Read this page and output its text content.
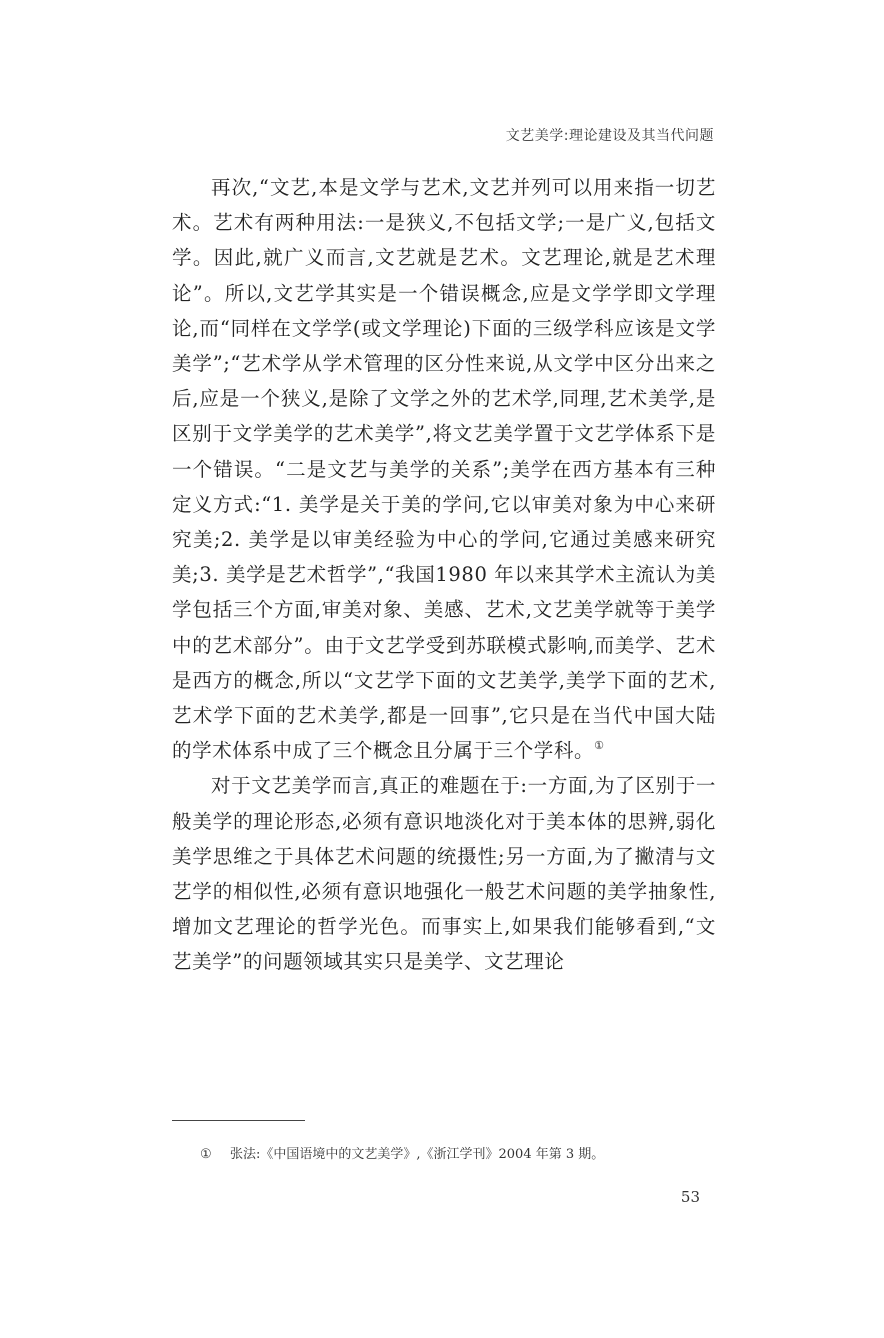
文艺美学:理论建设及其当代问题

再次,“文艺,本是文学与艺术,文艺并列可以用来指一切艺术。艺术有两种用法:一是狭义,不包括文学;一是广义,包括文学。因此,就广义而言,文艺就是艺术。文艺理论,就是艺术理论”。所以,文艺学其实是一个错误概念,应是文学学即文学理论,而“同样在文学学(或文学理论)下面的三级学科应该是文学美学”;“艺术学从学术管理的区分性来说,从文学中区分出来之后,应是一个狭义,是除了文学之外的艺术学,同理,艺术美学,是区别于文学美学的艺术美学”,将文艺美学置于文艺学体系下是一个错误。“二是文艺与美学的关系”;美学在西方基本有三种定义方式:“1. 美学是关于美的学问,它以审美对象为中心来研究美;2. 美学是以审美经验为中心的学问,它通过美感来研究美;3. 美学是艺术哲学”,“我国1980 年以来其学术主流认为美学包括三个方面,审美对象、美感、艺术,文艺美学就等于美学中的艺术部分”。由于文艺学受到苏联模式影响,而美学、艺术是西方的概念,所以“文艺学下面的文艺美学,美学下面的艺术,艺术学下面的艺术美学,都是一回事”,它只是在当代中国大陆的学术体系中成了三个概念且分属于三个学科。①

对于文艺美学而言,真正的难题在于:一方面,为了区别于一般美学的理论形态,必须有意识地淡化对于美本体的思辨,弱化美学思维之于具体艺术问题的统摄性;另一方面,为了撇清与文艺学的相似性,必须有意识地强化一般艺术问题的美学抽象性,增加文艺理论的哲学光色。而事实上,如果我们能够看到,“文艺美学”的问题领域其实只是美学、文艺理论

① 张法:《中国语境中的文艺美学》,《浙江学刊》2004 年第 3 期。
53
